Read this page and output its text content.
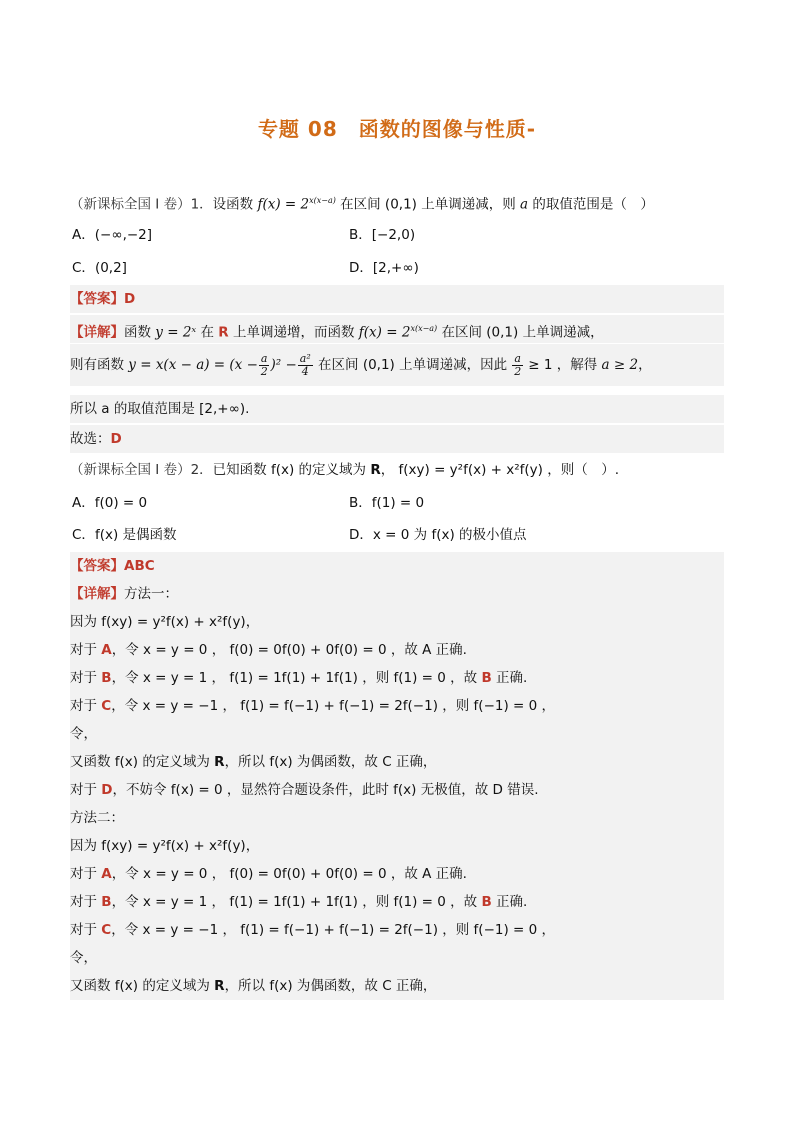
专题 08　函数的图像与性质-
（新课标全国 Ⅰ 卷）1．设函数 $f(x) = 2^{x(x-a)}$ 在区间 (0,1) 上单调递减，则 a 的取值范围是（　）
A．(−∞,−2]	B．[−2,0)
C．(0,2]	D．[2,+∞)
【答案】D
【详解】函数 y = 2ˣ 在 R 上单调递增，而函数 $f(x) = 2^{x(x-a)}$ 在区间 (0,1) 上单调递减，
则有函数 $y = x(x - a) = (x - \frac{a}{2} )^2 - \frac{\text{a²}}{4}$ 在区间 (0,1) 上单调递减，因此 $\frac{a}{2} \ge 1$ ，解得 a ≥ 2，
所以 a 的取值范围是 [2,+∞).
故选：D
（新课标全国 Ⅰ 卷）2．已知函数 f(x) 的定义域为 R， f(xy) = y²f(x) + x²f(y) ，则（　）.
A．f(0) = 0	B．f(1) = 0
C．f(x) 是偶函数	D．x = 0 为 f(x) 的极小值点
【答案】ABC
【详解】方法一：
因为 f(xy) = y²f(x) + x²f(y)，
对于 A，令 x = y = 0 ， f(0) = 0f(0) + 0f(0) = 0 ，故 A 正确.
对于 B，令 x = y = 1 ， f(1) = 1f(1) + 1f(1) ，则 f(1) = 0 ，故 B 正确.
对于 C，令 x = y = −1 ， f(1) = f(−1) + f(−1) = 2f(−1) ，则 f(−1) = 0 ，
令，
又函数 f(x) 的定义域为 R，所以 f(x) 为偶函数，故 C 正确，
对于 D，不妨令 f(x) = 0 ，显然符合题设条件，此时 f(x) 无极值，故 D 错误.
方法二：
因为 f(xy) = y²f(x) + x²f(y)，
对于 A，令 x = y = 0 ， f(0) = 0f(0) + 0f(0) = 0 ，故 A 正确.
对于 B，令 x = y = 1 ， f(1) = 1f(1) + 1f(1) ，则 f(1) = 0 ，故 B 正确.
对于 C，令 x = y = −1 ， f(1) = f(−1) + f(−1) = 2f(−1) ，则 f(−1) = 0 ，
令，
又函数 f(x) 的定义域为 R，所以 f(x) 为偶函数，故 C 正确，
